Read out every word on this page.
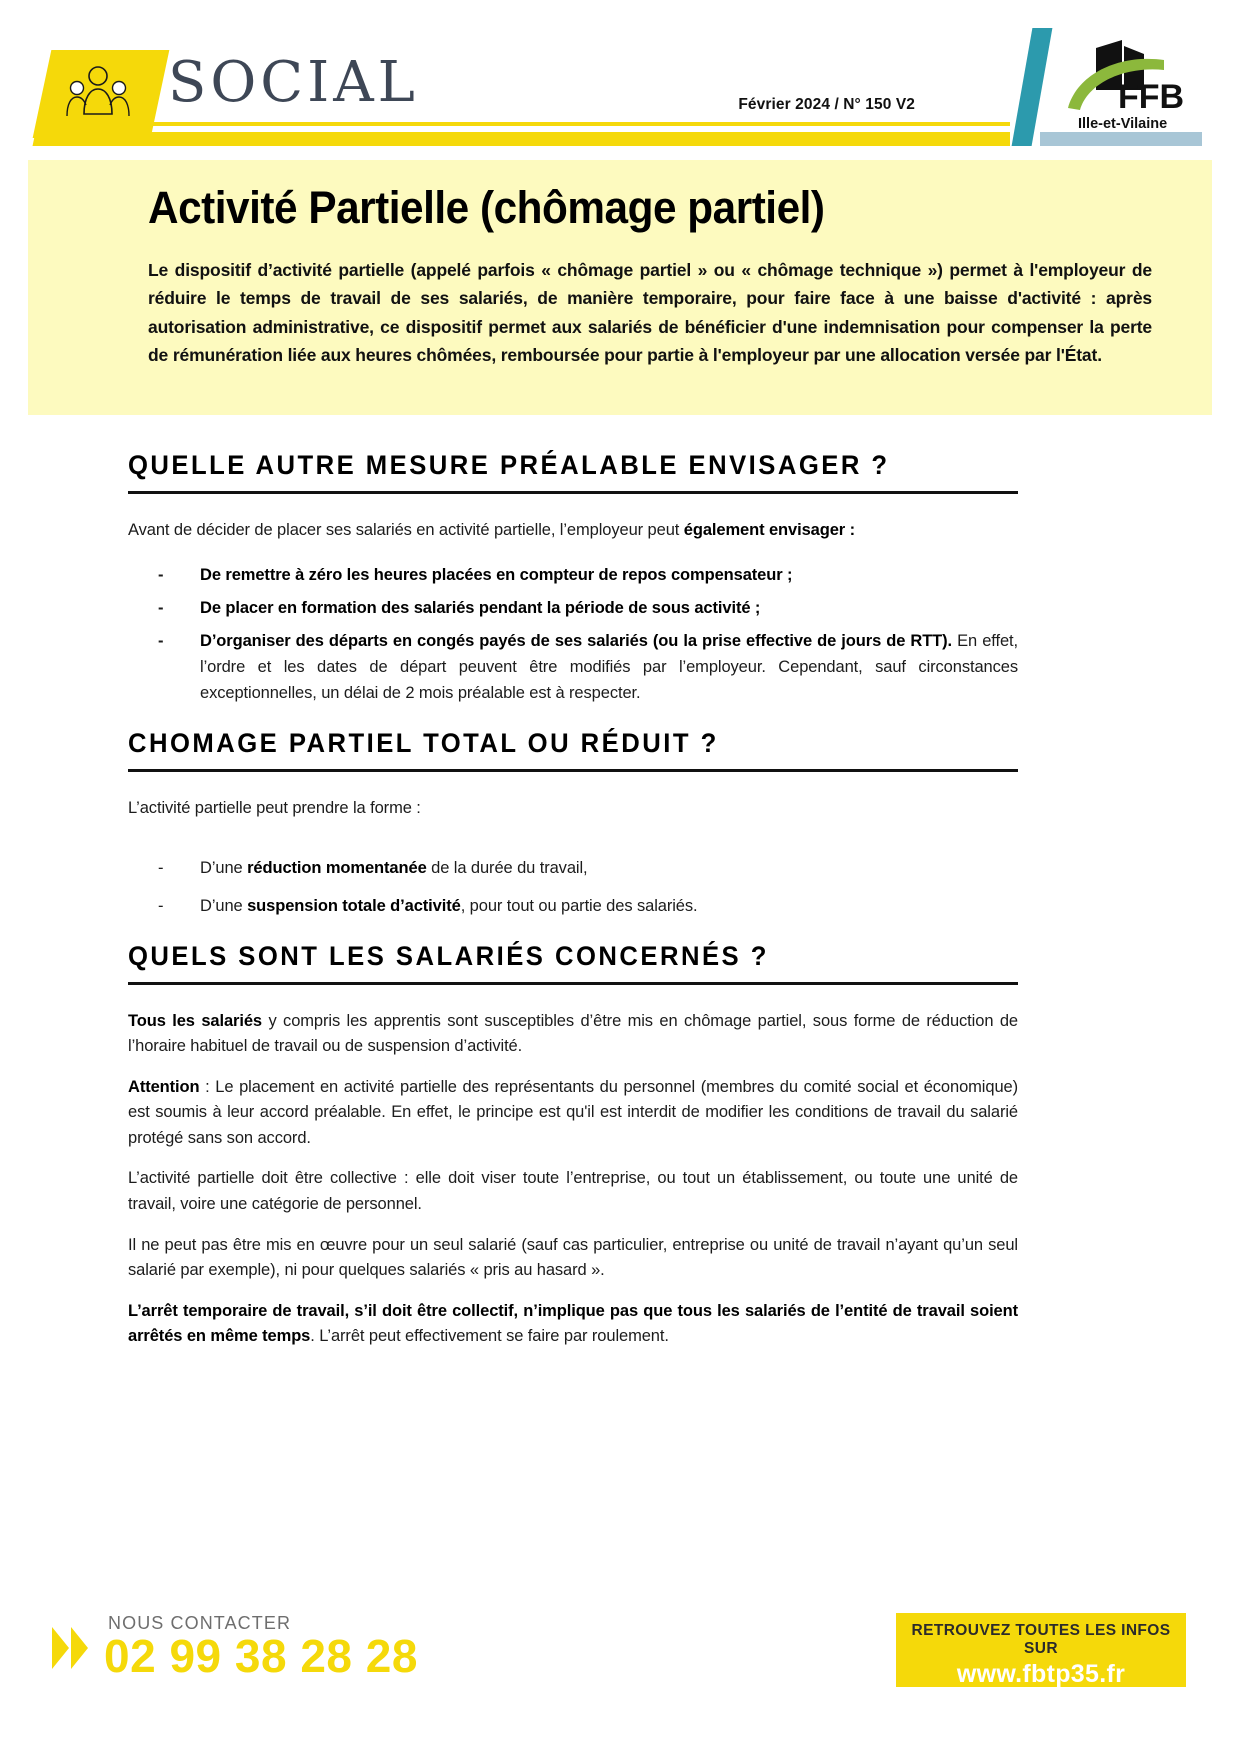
SOCIAL	Février 2024 / N° 150 V2	FFB
Ille-et-Vilaine
Activité Partielle (chômage partiel)

Le dispositif d’activité partielle (appelé parfois « chômage partiel » ou « chômage technique ») permet à l'employeur de réduire le temps de travail de ses salariés, de manière temporaire, pour faire face à une baisse d'activité : après autorisation administrative, ce dispositif permet aux salariés de bénéficier d'une indemnisation pour compenser la perte de rémunération liée aux heures chômées, remboursée pour partie à l'employeur par une allocation versée par l'État.

QUELLE AUTRE MESURE PRÉALABLE ENVISAGER ?

Avant de décider de placer ses salariés en activité partielle, l’employeur peut également envisager :

- De remettre à zéro les heures placées en compteur de repos compensateur ;
- De placer en formation des salariés pendant la période de sous activité ;
- D’organiser des départs en congés payés de ses salariés (ou la prise effective de jours de RTT). En effet, l’ordre et les dates de départ peuvent être modifiés par l’employeur. Cependant, sauf circonstances exceptionnelles, un délai de 2 mois préalable est à respecter.
CHOMAGE PARTIEL TOTAL OU RÉDUIT ?

L’activité partielle peut prendre la forme :

- D’une réduction momentanée de la durée du travail,
- D’une suspension totale d’activité, pour tout ou partie des salariés.
QUELS SONT LES SALARIÉS CONCERNÉS ?

Tous les salariés y compris les apprentis sont susceptibles d’être mis en chômage partiel, sous forme de réduction de l’horaire habituel de travail ou de suspension d’activité.

Attention : Le placement en activité partielle des représentants du personnel (membres du comité social et économique) est soumis à leur accord préalable. En effet, le principe est qu'il est interdit de modifier les conditions de travail du salarié protégé sans son accord.

L’activité partielle doit être collective : elle doit viser toute l’entreprise, ou tout un établissement, ou toute une unité de travail, voire une catégorie de personnel.

Il ne peut pas être mis en œuvre pour un seul salarié (sauf cas particulier, entreprise ou unité de travail n’ayant qu’un seul salarié par exemple), ni pour quelques salariés « pris au hasard ».

L’arrêt temporaire de travail, s’il doit être collectif, n’implique pas que tous les salariés de l’entité de travail soient arrêtés en même temps. L’arrêt peut effectivement se faire par roulement.

NOUS CONTACTER
02 99 38 28 28	RETROUVEZ TOUTES LES INFOS SUR
www.fbtp35.fr
